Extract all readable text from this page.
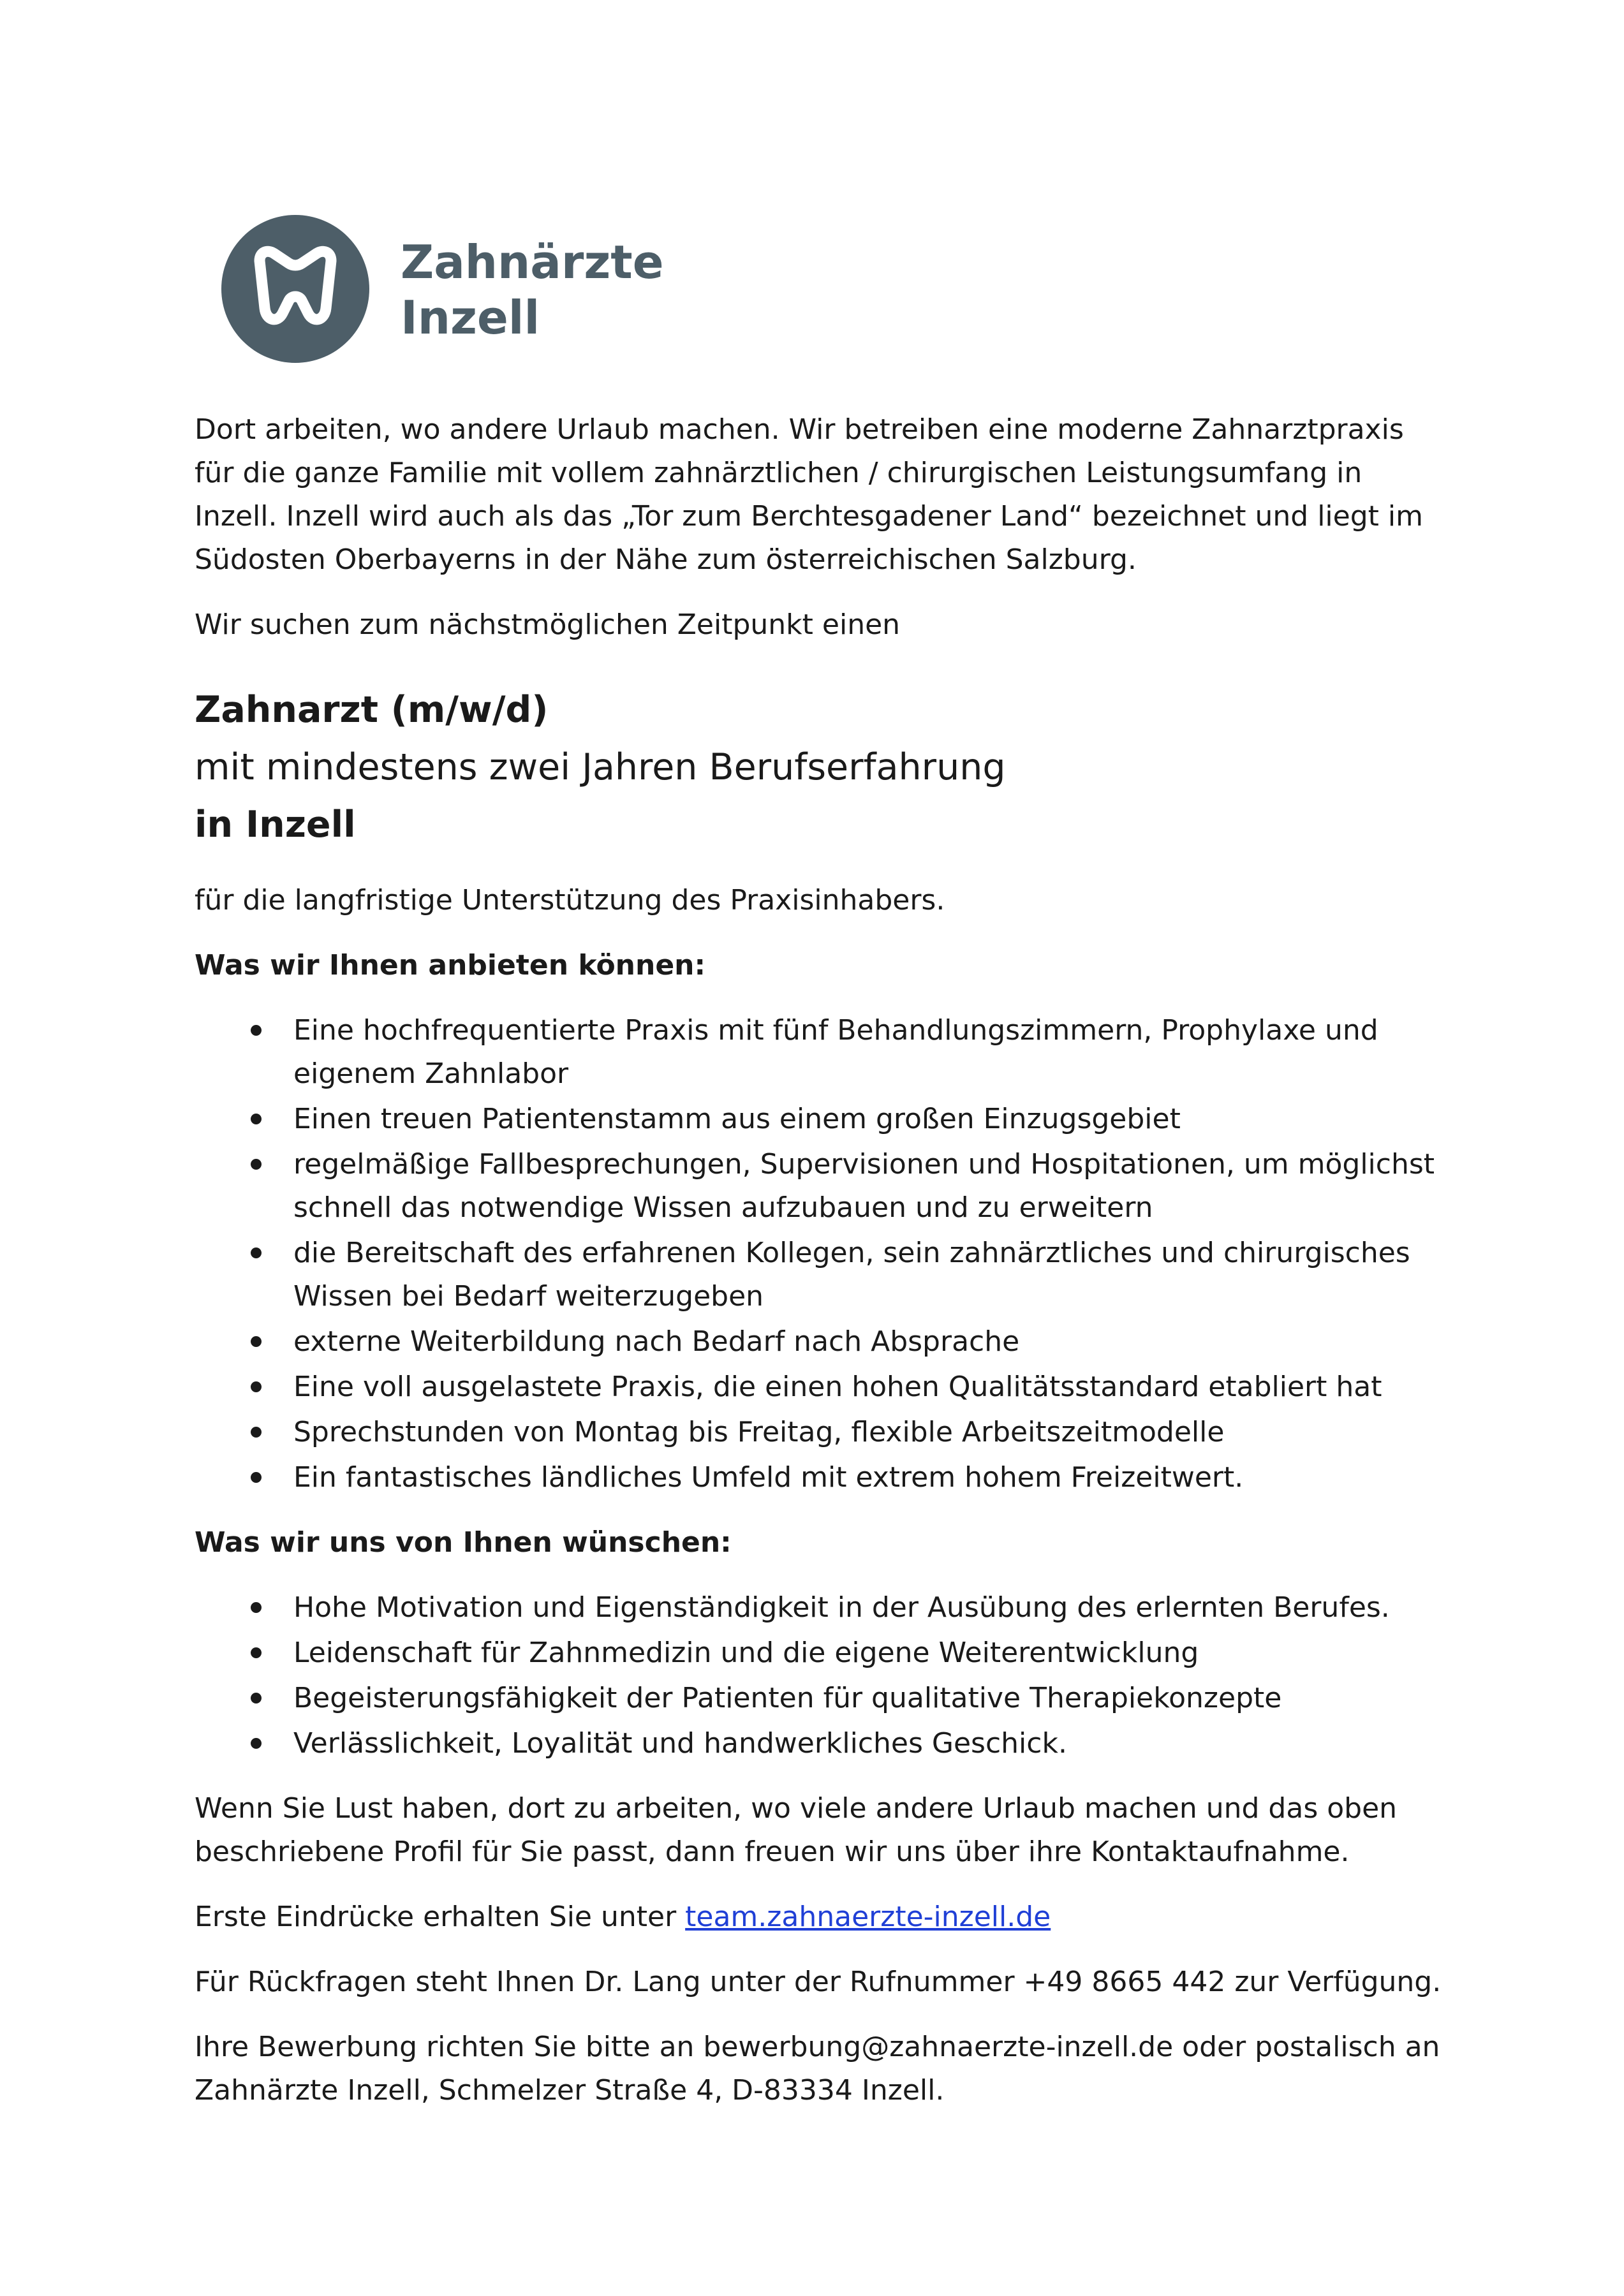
Zahnärzte
Inzell

Dort arbeiten, wo andere Urlaub machen. Wir betreiben eine moderne Zahnarztpraxis für die ganze Familie mit vollem zahnärztlichen / chirurgischen Leistungsumfang in Inzell. Inzell wird auch als das „Tor zum Berchtesgadener Land“ bezeichnet und liegt im Südosten Oberbayerns in der Nähe zum österreichischen Salzburg.

Wir suchen zum nächstmöglichen Zeitpunkt einen

Zahnarzt (m/w/d)
mit mindestens zwei Jahren Berufserfahrung
in Inzell

für die langfristige Unterstützung des Praxisinhabers.

Was wir Ihnen anbieten können:

Eine hochfrequentierte Praxis mit fünf Behandlungszimmern, Prophylaxe und eigenem Zahnlabor
Einen treuen Patientenstamm aus einem großen Einzugsgebiet
regelmäßige Fallbesprechungen, Supervisionen und Hospitationen, um möglichst schnell das notwendige Wissen aufzubauen und zu erweitern
die Bereitschaft des erfahrenen Kollegen, sein zahnärztliches und chirurgisches Wissen bei Bedarf weiterzugeben
externe Weiterbildung nach Bedarf nach Absprache
Eine voll ausgelastete Praxis, die einen hohen Qualitätsstandard etabliert hat
Sprechstunden von Montag bis Freitag, flexible Arbeitszeitmodelle
Ein fantastisches ländliches Umfeld mit extrem hohem Freizeitwert.

Was wir uns von Ihnen wünschen:

Hohe Motivation und Eigenständigkeit in der Ausübung des erlernten Berufes.
Leidenschaft für Zahnmedizin und die eigene Weiterentwicklung
Begeisterungsfähigkeit der Patienten für qualitative Therapiekonzepte
Verlässlichkeit, Loyalität und handwerkliches Geschick.

Wenn Sie Lust haben, dort zu arbeiten, wo viele andere Urlaub machen und das oben beschriebene Profil für Sie passt, dann freuen wir uns über ihre Kontaktaufnahme.

Erste Eindrücke erhalten Sie unter team.zahnaerzte-inzell.de

Für Rückfragen steht Ihnen Dr. Lang unter der Rufnummer +49 8665 442 zur Verfügung.

Ihre Bewerbung richten Sie bitte an bewerbung@zahnaerzte-inzell.de oder postalisch an Zahnärzte Inzell, Schmelzer Straße 4, D-83334 Inzell.
